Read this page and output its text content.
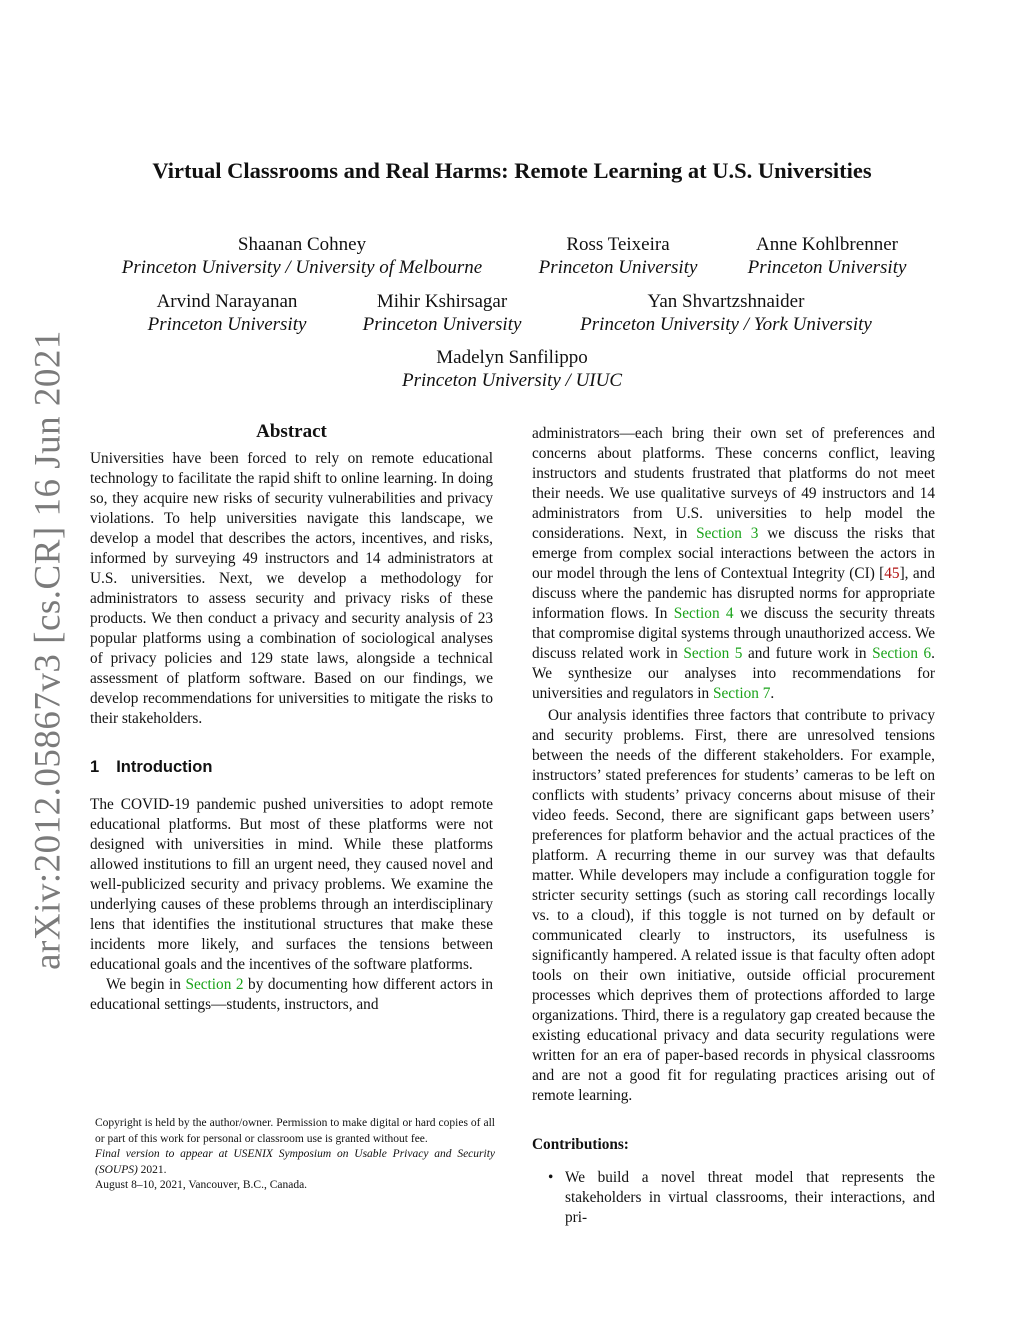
arXiv:2012.05867v3 [cs.CR] 16 Jun 2021
Virtual Classrooms and Real Harms: Remote Learning at U.S. Universities
Shaanan Cohney
Princeton University / University of Melbourne
Ross Teixeira
Princeton University
Anne Kohlbrenner
Princeton University
Arvind Narayanan
Princeton University
Mihir Kshirsagar
Princeton University
Yan Shvartzshnaider
Princeton University / York University
Madelyn Sanfilippo
Princeton University / UIUC
Abstract

Universities have been forced to rely on remote educational technology to facilitate the rapid shift to online learning. In doing so, they acquire new risks of security vulnerabilities and privacy violations. To help universities navigate this landscape, we develop a model that describes the actors, incentives, and risks, informed by surveying 49 instructors and 14 administrators at U.S. universities. Next, we develop a methodology for administrators to assess security and privacy risks of these products. We then conduct a privacy and security analysis of 23 popular platforms using a combination of sociological analyses of privacy policies and 129 state laws, alongside a technical assessment of platform software. Based on our findings, we develop recommendations for universities to mitigate the risks to their stakeholders.

1 Introduction

The COVID-19 pandemic pushed universities to adopt remote educational platforms. But most of these platforms were not designed with universities in mind. While these platforms allowed institutions to fill an urgent need, they caused novel and well-publicized security and privacy problems. We examine the underlying causes of these problems through an interdisciplinary lens that identifies the institutional structures that make these incidents more likely, and surfaces the tensions between educational goals and the incentives of the software platforms.

We begin in Section 2 by documenting how different actors in educational settings—students, instructors, and

Copyright is held by the author/owner. Permission to make digital or hard copies of all or part of this work for personal or classroom use is granted without fee.

Final version to appear at USENIX Symposium on Usable Privacy and Security (SOUPS) 2021.

August 8–10, 2021, Vancouver, B.C., Canada.

administrators—each bring their own set of preferences and concerns about platforms. These concerns conflict, leaving instructors and students frustrated that platforms do not meet their needs. We use qualitative surveys of 49 instructors and 14 administrators from U.S. universities to help model the considerations. Next, in Section 3 we discuss the risks that emerge from complex social interactions between the actors in our model through the lens of Contextual Integrity (CI) [45], and discuss where the pandemic has disrupted norms for appropriate information flows. In Section 4 we discuss the security threats that compromise digital systems through unauthorized access. We discuss related work in Section 5 and future work in Section 6. We synthesize our analyses into recommendations for universities and regulators in Section 7.

Our analysis identifies three factors that contribute to privacy and security problems. First, there are unresolved tensions between the needs of the different stakeholders. For example, instructors’ stated preferences for students’ cameras to be left on conflicts with students’ privacy concerns about misuse of their video feeds. Second, there are significant gaps between users’ preferences for platform behavior and the actual practices of the platform. A recurring theme in our survey was that defaults matter. While developers may include a configuration toggle for stricter security settings (such as storing call recordings locally vs. to a cloud), if this toggle is not turned on by default or communicated clearly to instructors, its usefulness is significantly hampered. A related issue is that faculty often adopt tools on their own initiative, outside official procurement processes which deprives them of protections afforded to large organizations. Third, there is a regulatory gap created because the existing educational privacy and data security regulations were written for an era of paper-based records in physical classrooms and are not a good fit for regulating practices arising out of remote learning.

Contributions:
• We build a novel threat model that represents the stakeholders in virtual classrooms, their interactions, and pri-
